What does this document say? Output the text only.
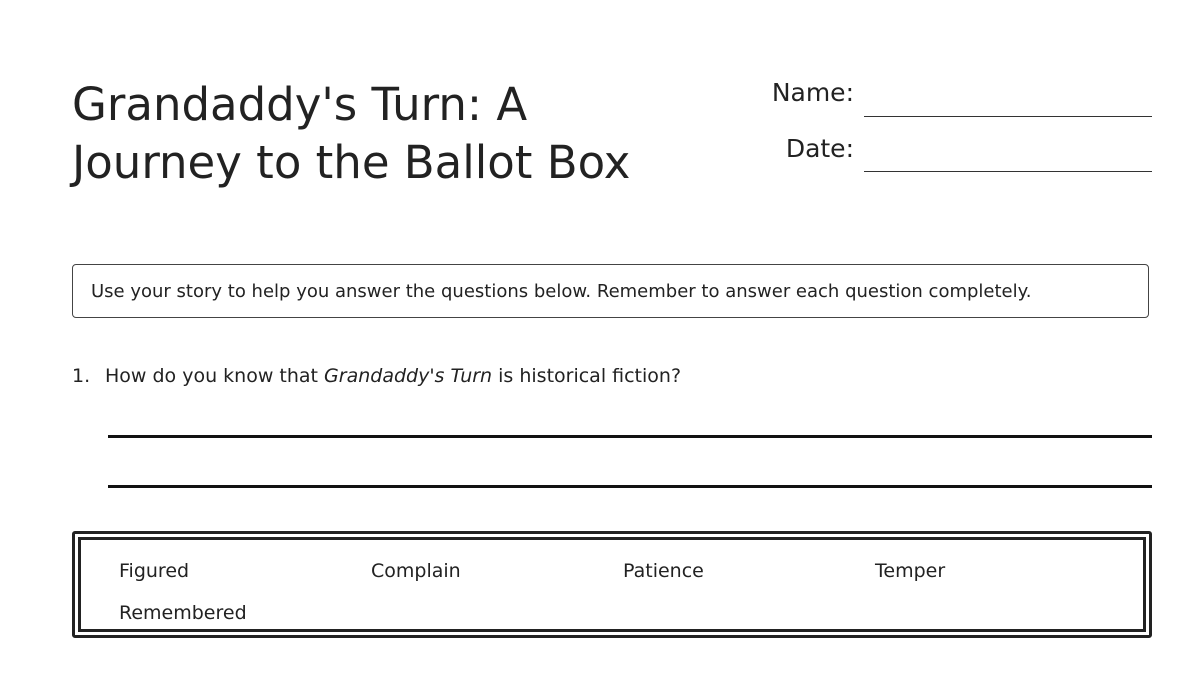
Grandaddy's Turn: A
Journey to the Ballot Box
Name:
Date:
Use your story to help you answer the questions below. Remember to answer each question completely.
1. How do you know that Grandaddy's Turn is historical fiction?
Figured	Complain	Patience	Temper
Remembered
